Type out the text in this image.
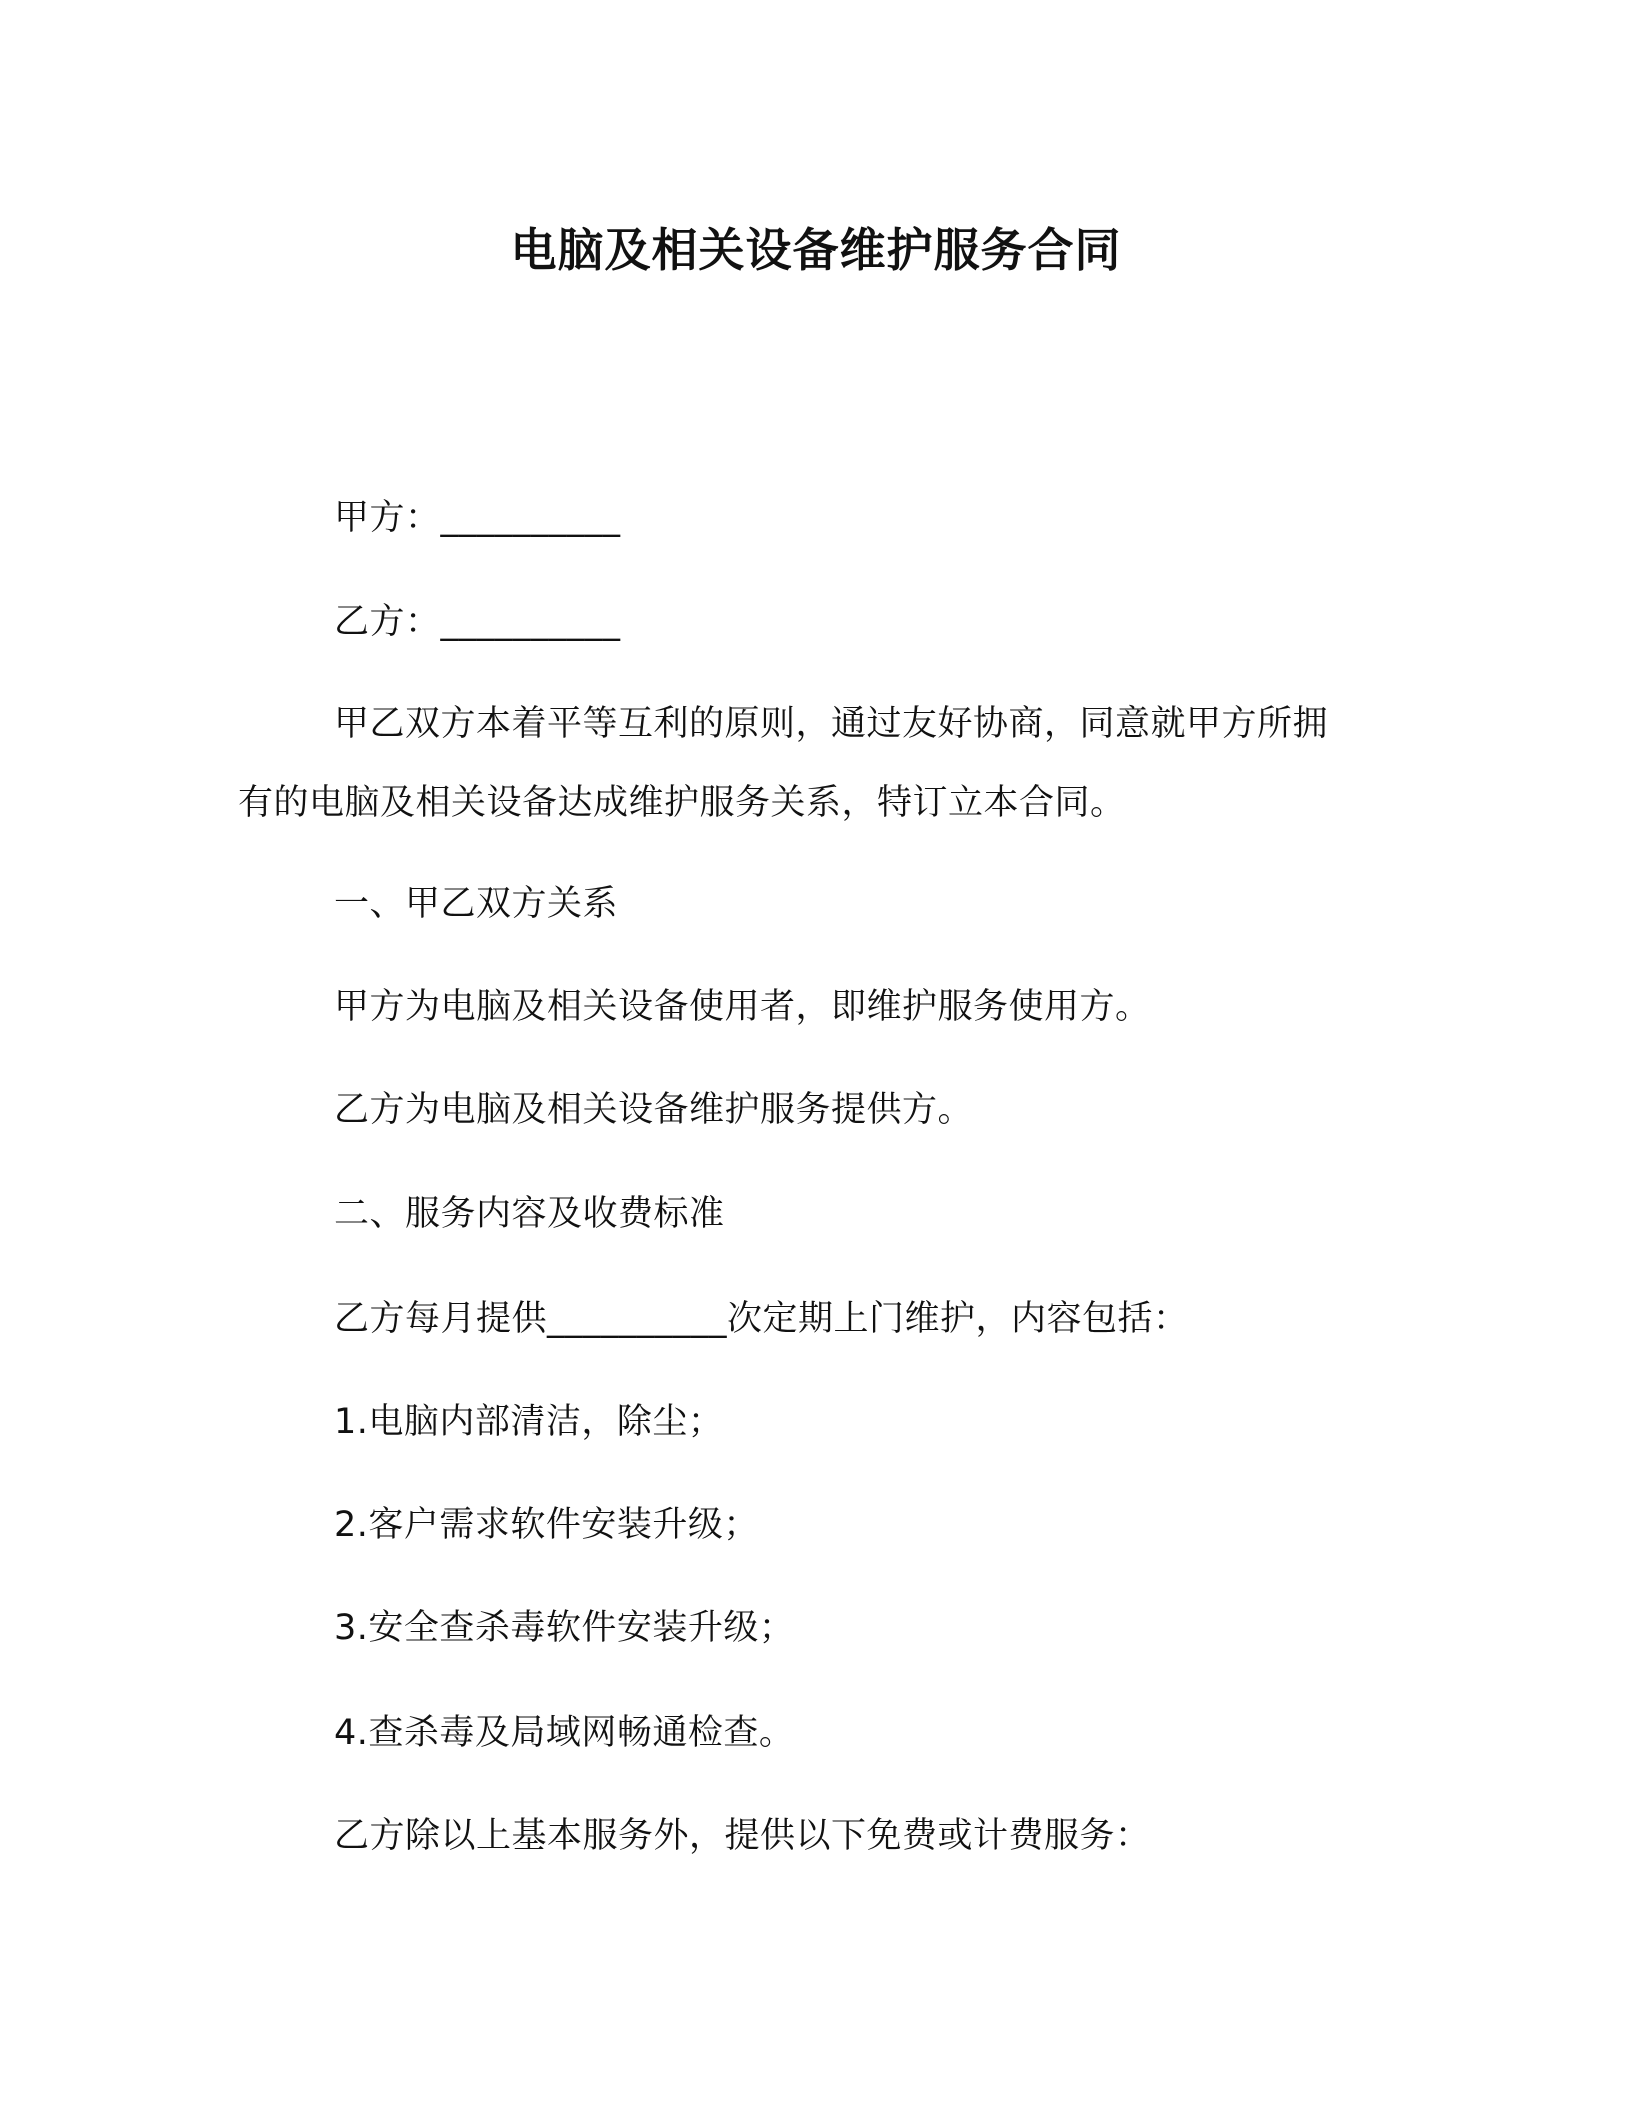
电脑及相关设备维护服务合同
甲方：__________
乙方：__________
甲乙双方本着平等互利的原则，通过友好协商，同意就甲方所拥
有的电脑及相关设备达成维护服务关系，特订立本合同。
一、甲乙双方关系
甲方为电脑及相关设备使用者，即维护服务使用方。
乙方为电脑及相关设备维护服务提供方。
二、服务内容及收费标准
乙方每月提供__________次定期上门维护，内容包括：
1.电脑内部清洁，除尘；
2.客户需求软件安装升级；
3.安全查杀毒软件安装升级；
4.查杀毒及局域网畅通检查。
乙方除以上基本服务外，提供以下免费或计费服务：
